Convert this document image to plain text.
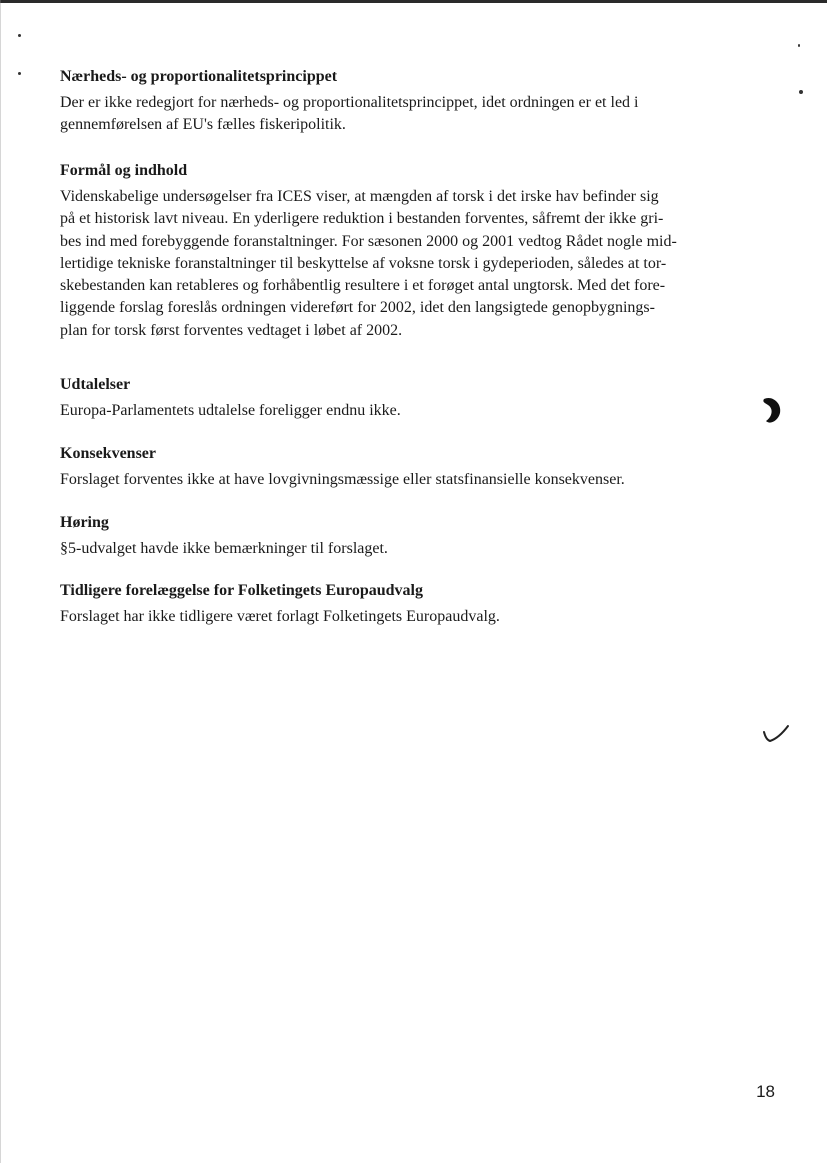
Nærheds- og proportionalitetsprincippet

Der er ikke redegjort for nærheds- og proportionalitetsprincippet, idet ordningen er et led i
gennemførelsen af EU's fælles fiskeripolitik.

Formål og indhold

Videnskabelige undersøgelser fra ICES viser, at mængden af torsk i det irske hav befinder sig
på et historisk lavt niveau. En yderligere reduktion i bestanden forventes, såfremt der ikke gri-
bes ind med forebyggende foranstaltninger. For sæsonen 2000 og 2001 vedtog Rådet nogle mid-
lertidige tekniske foranstaltninger til beskyttelse af voksne torsk i gydeperioden, således at tor-
skebestanden kan retableres og forhåbentlig resultere i et forøget antal ungtorsk. Med det fore-
liggende forslag foreslås ordningen videreført for 2002, idet den langsigtede genopbygnings-
plan for torsk først forventes vedtaget i løbet af 2002.

Udtalelser

Europa-Parlamentets udtalelse foreligger endnu ikke.

Konsekvenser

Forslaget forventes ikke at have lovgivningsmæssige eller statsfinansielle konsekvenser.

Høring

§5-udvalget havde ikke bemærkninger til forslaget.

Tidligere forelæggelse for Folketingets Europaudvalg

Forslaget har ikke tidligere været forlagt Folketingets Europaudvalg.

18
